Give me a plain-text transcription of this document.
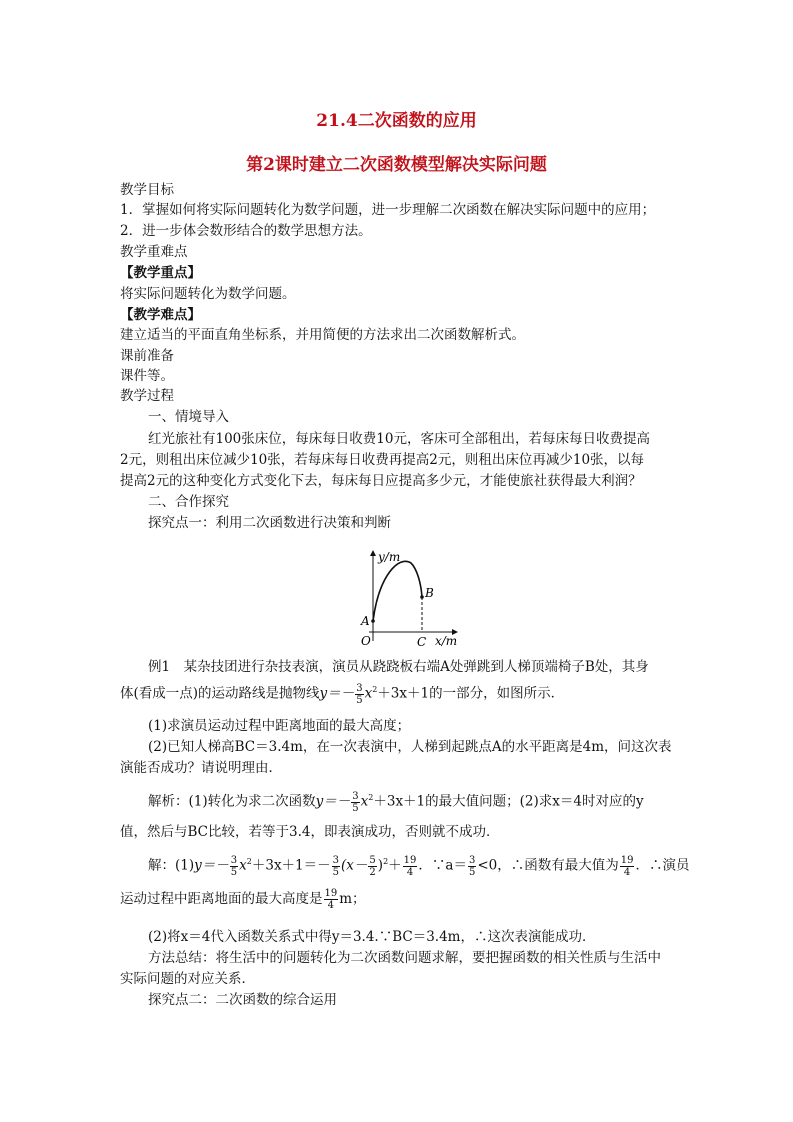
21.4二次函数的应用
第2课时建立二次函数模型解决实际问题
教学目标
1．掌握如何将实际问题转化为数学问题，进一步理解二次函数在解决实际问题中的应用；
2．进一步体会数形结合的数学思想方法。
教学重难点
【教学重点】
将实际问题转化为数学问题。
【教学难点】
建立适当的平面直角坐标系，并用简便的方法求出二次函数解析式。
课前准备
课件等。
教学过程
一、情境导入
红光旅社有100张床位，每床每日收费10元，客床可全部租出，若每床每日收费提高
2元，则租出床位减少10张，若每床每日收费再提高2元，则租出床位再减少10张，以每
提高2元的这种变化方式变化下去，每床每日应提高多少元，才能使旅社获得最大利润？
二、合作探究
探究点一：利用二次函数进行决策和判断
y/m
x/m
O
A
B
C
例1　某杂技团进行杂技表演，演员从跷跷板右端A处弹跳到人梯顶端椅子B处，其身
体(看成一点)的运动路线是抛物线$y=- \frac{3}{5} x^2+3x+1$的一部分，如图所示．
(1)求演员运动过程中距离地面的最大高度；
(2)已知人梯高BC＝3.4m，在一次表演中，人梯到起跳点A的水平距离是4m，问这次表
演能否成功？请说明理由．
解析：(1)转化为求二次函数$y=- \frac{3}{5} x^2+3x+1$的最大值问题；(2)求x＝4时对应的y
值，然后与BC比较，若等于3.4，即表演成功，否则就不成功．
解：$(1)y=- \frac{3}{5} x^2+3x+1=- \frac{3}{5} (x- \frac{5}{2} )^2+ \frac{19}{4}$ ．∵a＝ $\frac{3}{5} <0$，∴函数有最大值为 $\frac{19}{4}$ ．∴演员
运动过程中距离地面的最大高度是 $\frac{19}{4}$ m；
(2)将x＝4代入函数关系式中得y＝3.4.∵BC＝3.4m，∴这次表演能成功．
方法总结：将生活中的问题转化为二次函数问题求解，要把握函数的相关性质与生活中
实际问题的对应关系．
探究点二：二次函数的综合运用
